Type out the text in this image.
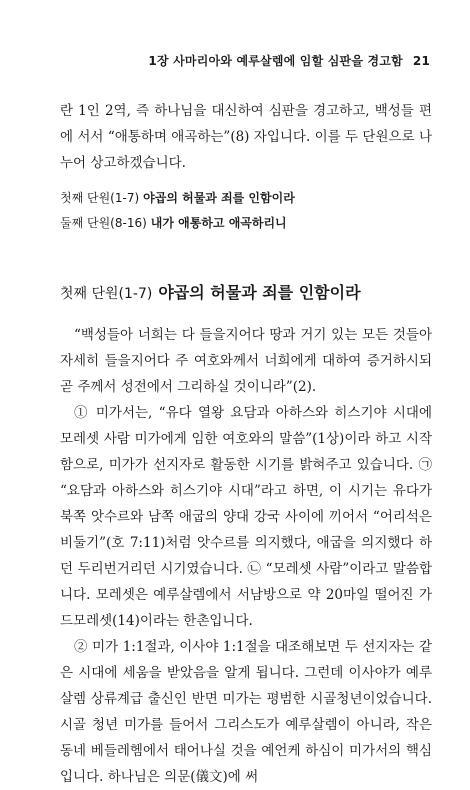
1장 사마리아와 예루살렘에 임할 심판을 경고함 21

란 1인 2역, 즉 하나님을 대신하여 심판을 경고하고, 백성들 편에 서서 “애통하며 애곡하는”(8) 자입니다. 이를 두 단원으로 나누어 상고하겠습니다.

첫째 단원(1-7) 야곱의 허물과 죄를 인함이라
둘째 단원(8-16) 내가 애통하고 애곡하리니
첫째 단원(1-7) 야곱의 허물과 죄를 인함이라

“백성들아 너희는 다 들을지어다 땅과 거기 있는 모든 것들아 자세히 들을지어다 주 여호와께서 너희에게 대하여 증거하시되 곧 주께서 성전에서 그리하실 것이니라”(2).

① 미가서는, “유다 열왕 요담과 아하스와 히스기야 시대에 모레셋 사람 미가에게 임한 여호와의 말씀”(1상)이라 하고 시작함으로, 미가가 선지자로 활동한 시기를 밝혀주고 있습니다. ㉠ “요담과 아하스와 히스기야 시대”라고 하면, 이 시기는 유다가 북쪽 앗수르와 남쪽 애굽의 양대 강국 사이에 끼어서 “어리석은 비둘기”(호 7:11)처럼 앗수르를 의지했다, 애굽을 의지했다 하던 두리번거리던 시기였습니다. ㉡ “모레셋 사람”이라고 말씀합니다. 모레셋은 예루살렘에서 서남방으로 약 20마일 떨어진 가드모레셋(14)이라는 한촌입니다.

② 미가 1:1절과, 이사야 1:1절을 대조해보면 두 선지자는 같은 시대에 세움을 받았음을 알게 됩니다. 그런데 이사야가 예루살렘 상류계급 출신인 반면 미가는 평범한 시골청년이었습니다. 시골 청년 미가를 들어서 그리스도가 예루살렘이 아니라, 작은 동네 베들레헴에서 태어나실 것을 예언케 하심이 미가서의 핵심입니다. 하나님은 의문(儀文)에 써
